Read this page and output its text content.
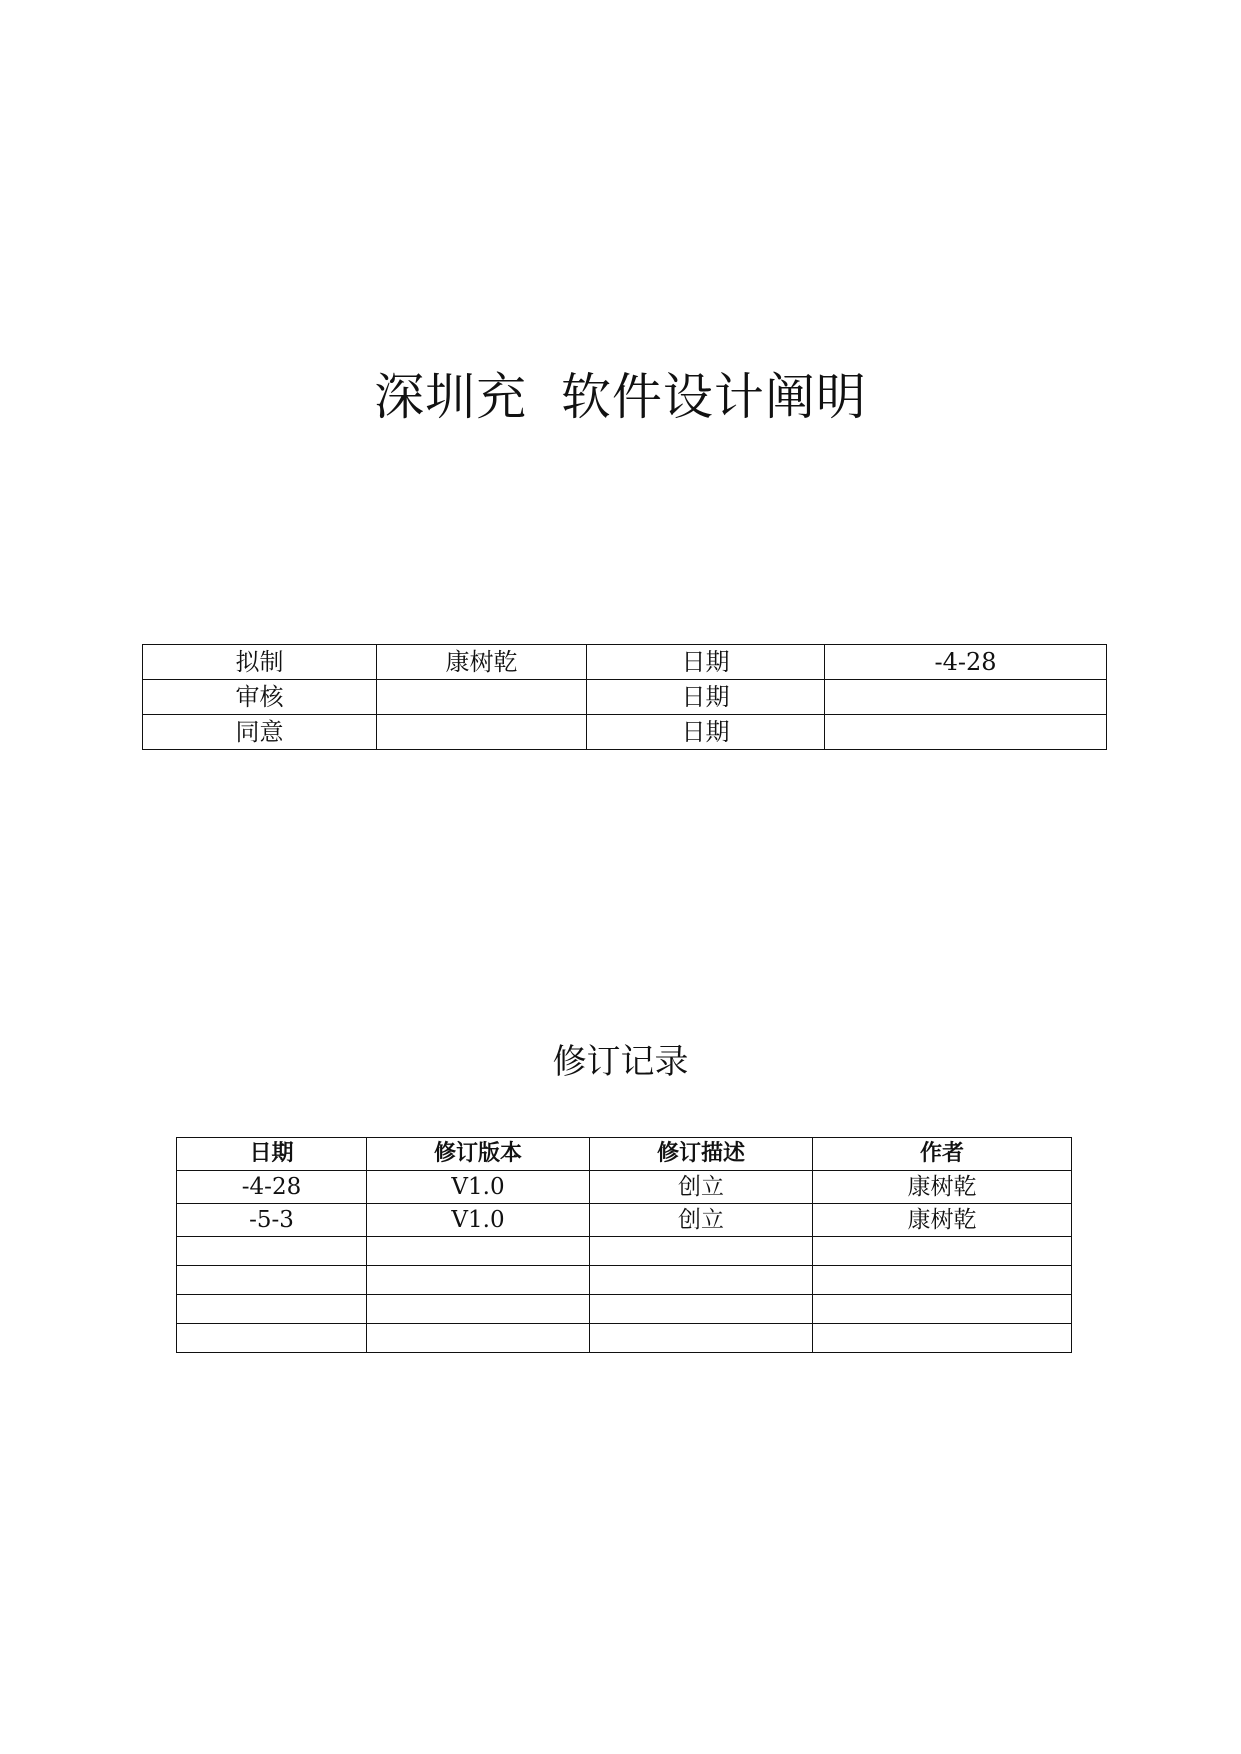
深圳充 软件设计阐明
拟制	康树乾	日期	-4-28
审核		日期	
同意		日期	
修订记录
日期	修订版本	修订描述	作者
-4-28	V1.0	创立	康树乾
-5-3	V1.0	创立	康树乾
